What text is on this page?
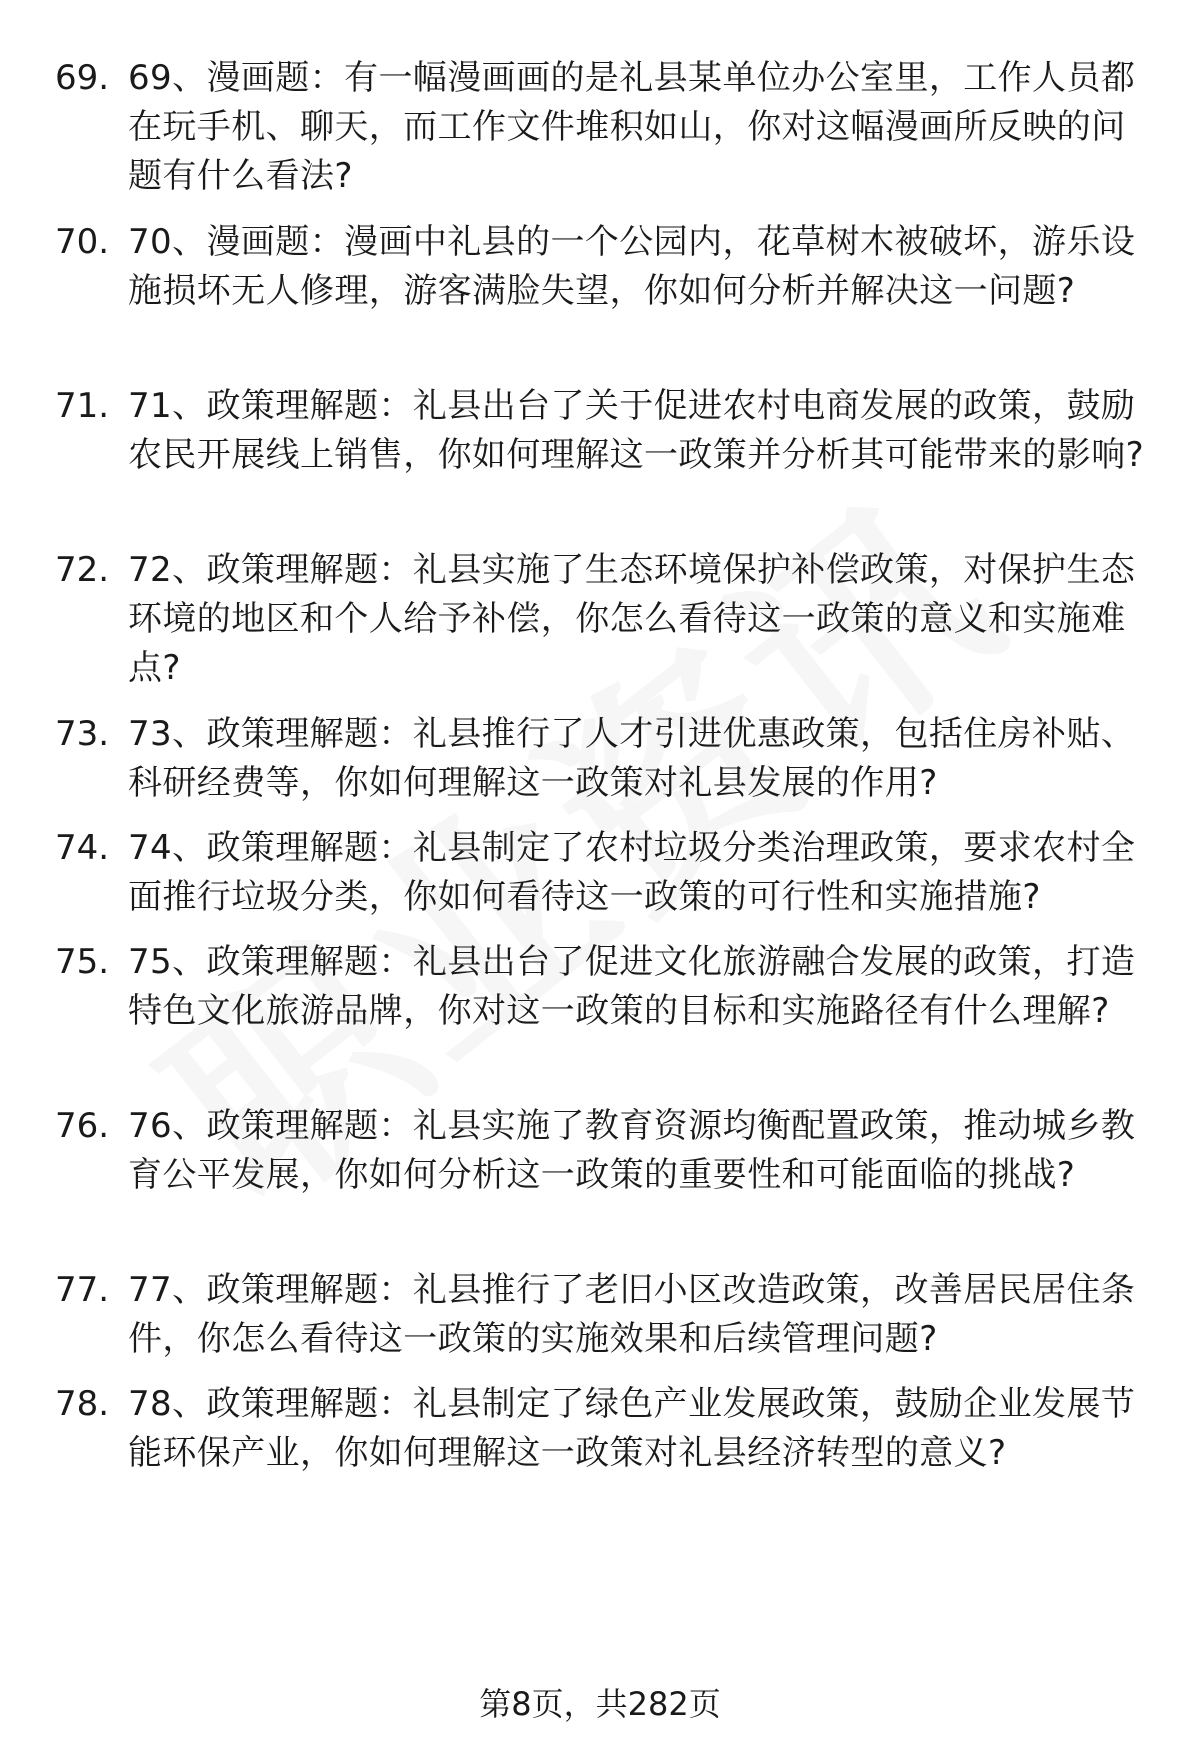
69. 69、漫画题：有一幅漫画画的是礼县某单位办公室里，工作人员都在玩手机、聊天，而工作文件堆积如山，你对这幅漫画所反映的问题有什么看法?
70. 70、漫画题：漫画中礼县的一个公园内，花草树木被破坏，游乐设施损坏无人修理，游客满脸失望，你如何分析并解决这一问题?
71. 71、政策理解题：礼县出台了关于促进农村电商发展的政策，鼓励农民开展线上销售，你如何理解这一政策并分析其可能带来的影响?
72. 72、政策理解题：礼县实施了生态环境保护补偿政策，对保护生态环境的地区和个人给予补偿，你怎么看待这一政策的意义和实施难点?
73. 73、政策理解题：礼县推行了人才引进优惠政策，包括住房补贴、科研经费等，你如何理解这一政策对礼县发展的作用?
74. 74、政策理解题：礼县制定了农村垃圾分类治理政策，要求农村全面推行垃圾分类，你如何看待这一政策的可行性和实施措施?
75. 75、政策理解题：礼县出台了促进文化旅游融合发展的政策，打造特色文化旅游品牌，你对这一政策的目标和实施路径有什么理解?
76. 76、政策理解题：礼县实施了教育资源均衡配置政策，推动城乡教育公平发展，你如何分析这一政策的重要性和可能面临的挑战?
77. 77、政策理解题：礼县推行了老旧小区改造政策，改善居民居住条件，你怎么看待这一政策的实施效果和后续管理问题?
78. 78、政策理解题：礼县制定了绿色产业发展政策，鼓励企业发展节能环保产业，你如何理解这一政策对礼县经济转型的意义?
第8页，共282页
